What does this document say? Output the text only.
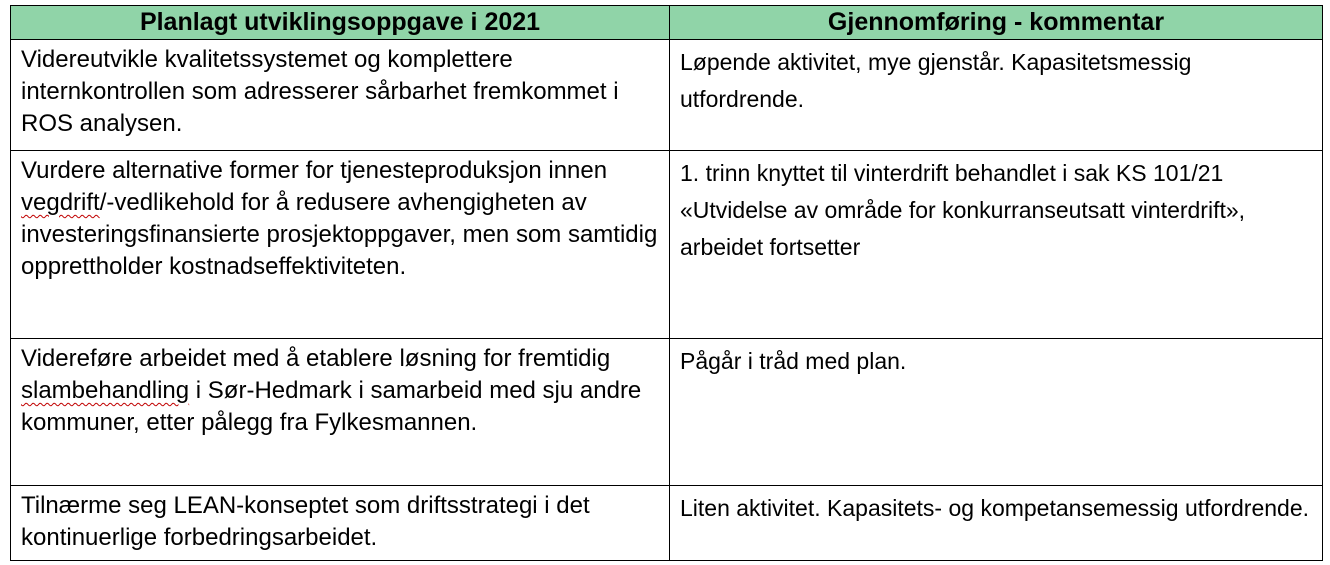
Planlagt utviklingsoppgave i 2021	Gjennomføring - kommentar
Videreutvikle kvalitetssystemet og komplettere internkontrollen som adresserer sårbarhet fremkommet i ROS analysen.	Løpende aktivitet, mye gjenstår. Kapasitetsmessig utfordrende.
Vurdere alternative former for tjenesteproduksjon innen vegdrift/-vedlikehold for å redusere avhengigheten av investeringsfinansierte prosjektoppgaver, men som samtidig opprettholder kostnadseffektiviteten.	1. trinn knyttet til vinterdrift behandlet i sak KS 101/21 «Utvidelse av område for konkurranseutsatt vinterdrift», arbeidet fortsetter
Videreføre arbeidet med å etablere løsning for fremtidig slambehandling i Sør-Hedmark i samarbeid med sju andre kommuner, etter pålegg fra Fylkesmannen.	Pågår i tråd med plan.
Tilnærme seg LEAN-konseptet som driftsstrategi i det kontinuerlige forbedringsarbeidet.	Liten aktivitet. Kapasitets- og kompetansemessig utfordrende.
